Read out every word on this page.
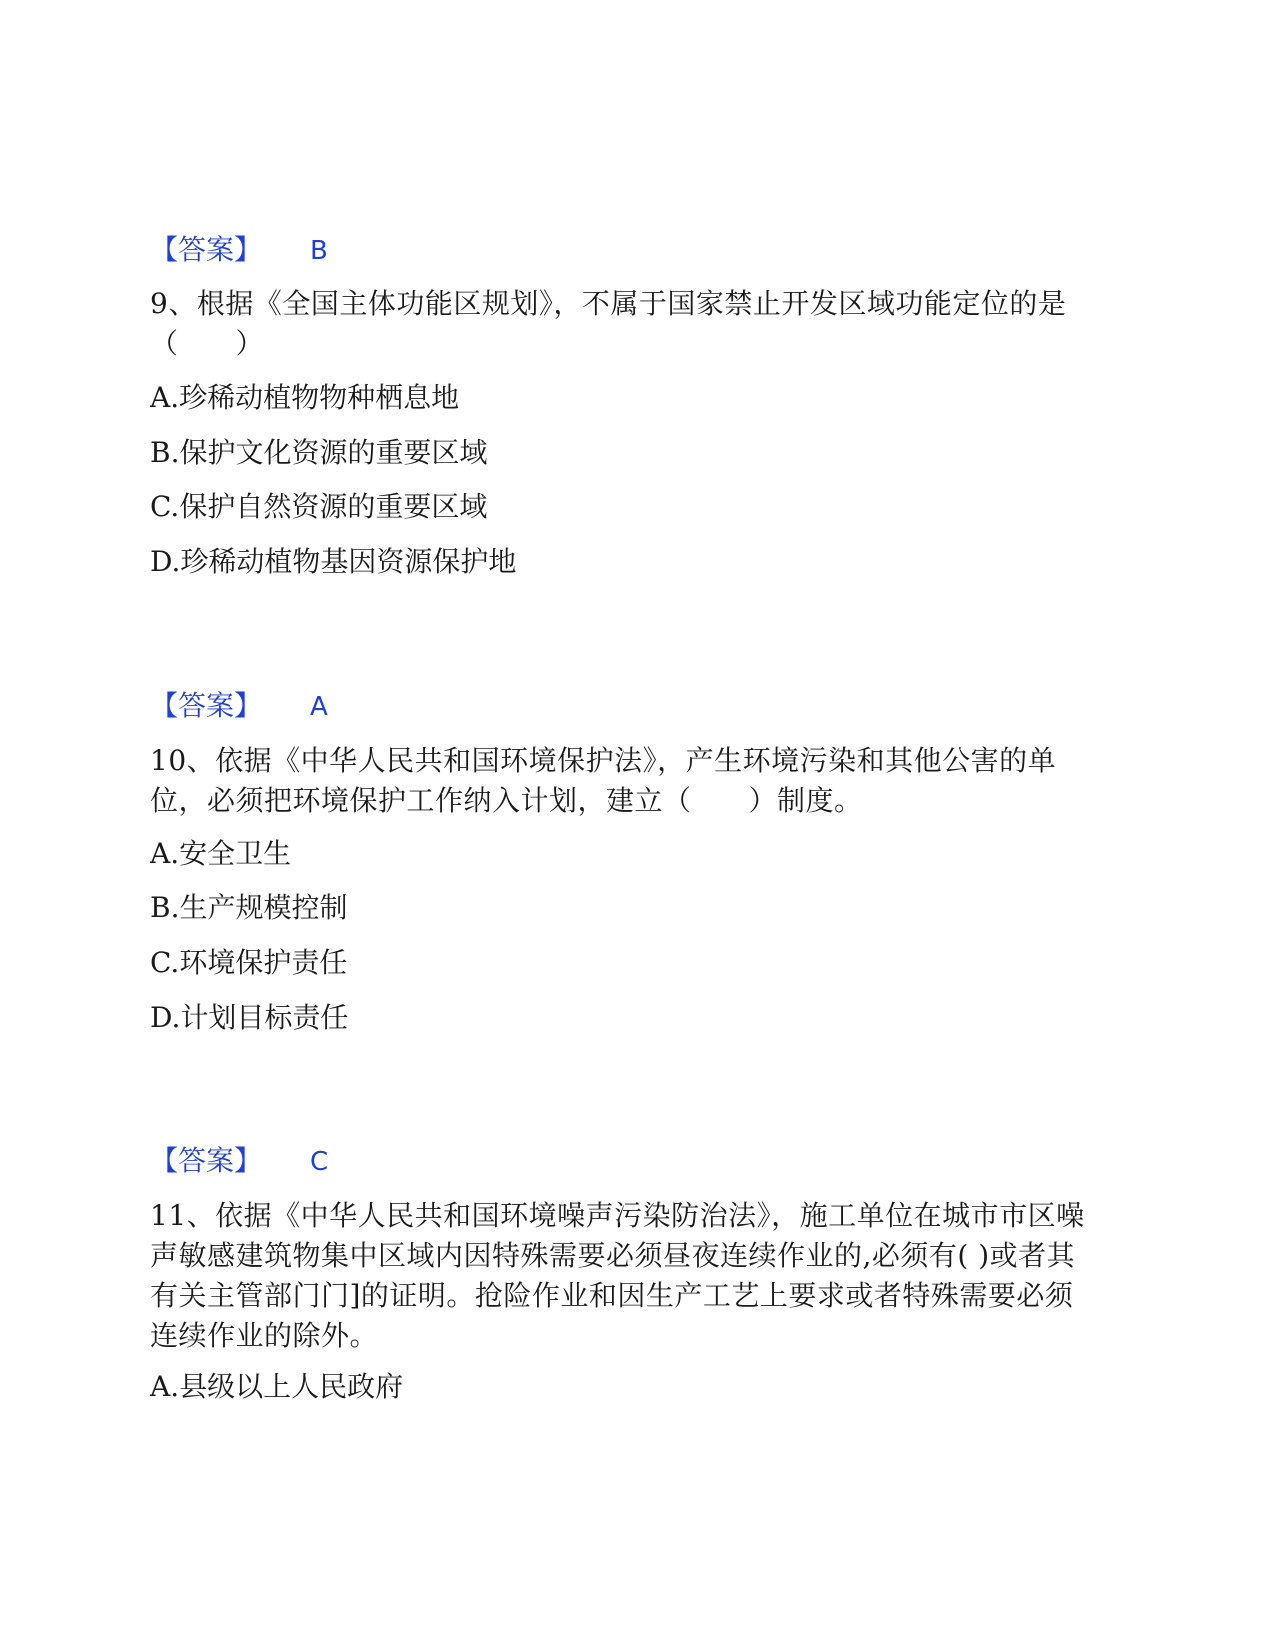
【答案】 B
9、根据《全国主体功能区规划》，不属于国家禁止开发区域功能定位的是（　　）
A.珍稀动植物物种栖息地
B.保护文化资源的重要区域
C.保护自然资源的重要区域
D.珍稀动植物基因资源保护地
【答案】 A
10、依据《中华人民共和国环境保护法》，产生环境污染和其他公害的单位，必须把环境保护工作纳入计划，建立（　　）制度。
A.安全卫生
B.生产规模控制
C.环境保护责任
D.计划目标责任
【答案】 C
11、依据《中华人民共和国环境噪声污染防治法》，施工单位在城市市区噪声敏感建筑物集中区域内因特殊需要必须昼夜连续作业的,必须有( )或者其有关主管部门门]的证明。抢险作业和因生产工艺上要求或者特殊需要必须连续作业的除外。
A.县级以上人民政府
